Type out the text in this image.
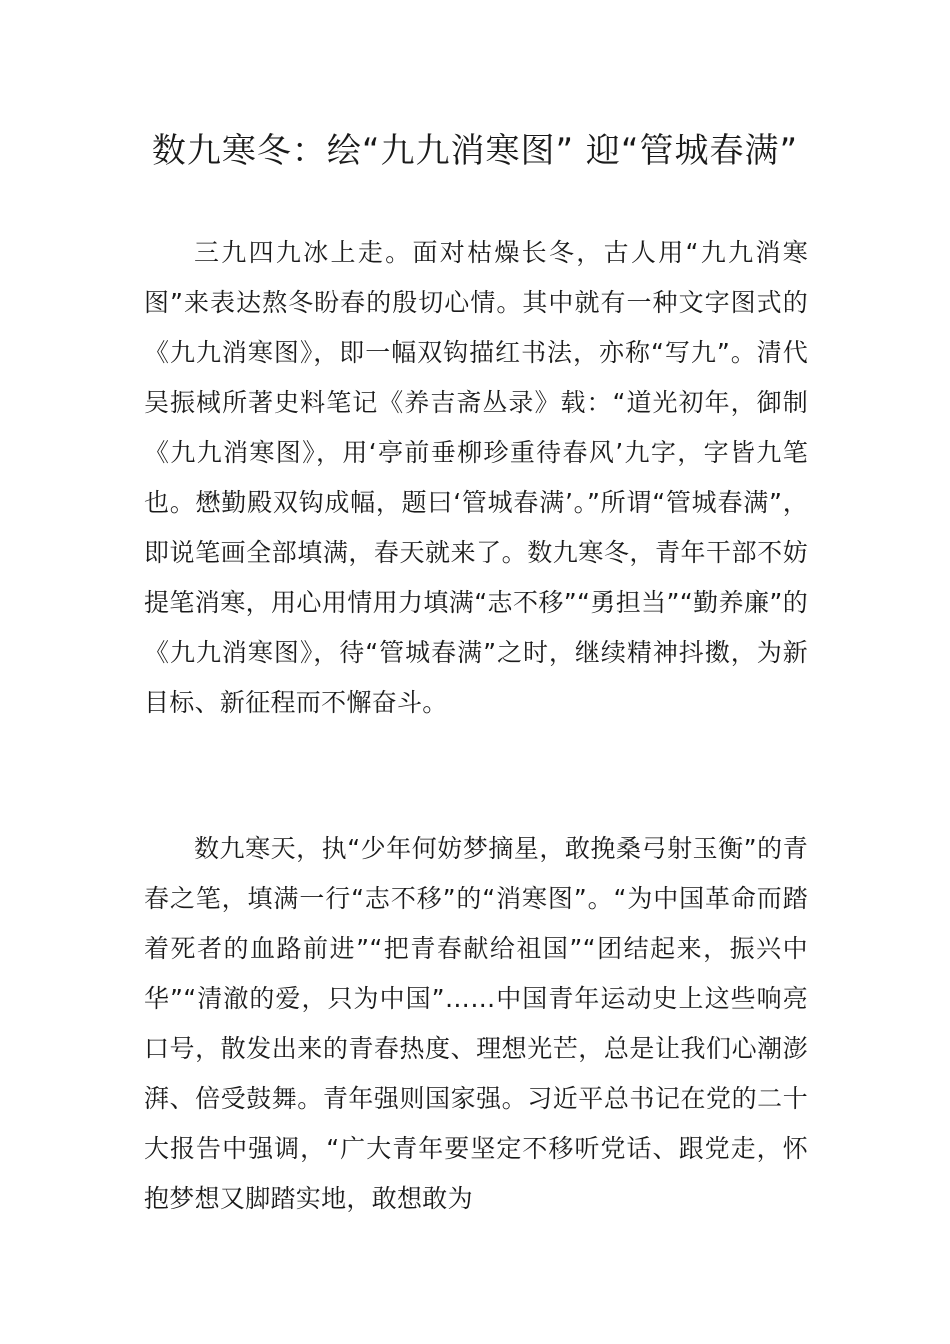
数九寒冬：绘“九九消寒图” 迎“管城春满”

三九四九冰上走。面对枯燥长冬，古人用“九九消寒图”来表达熬冬盼春的殷切心情。其中就有一种文字图式的《九九消寒图》，即一幅双钩描红书法，亦称“写九”。清代吴振棫所著史料笔记《养吉斋丛录》载：“道光初年，御制《九九消寒图》，用‘亭前垂柳珍重待春风’九字，字皆九笔也。懋勤殿双钩成幅，题曰‘管城春满’。”所谓“管城春满”，即说笔画全部填满，春天就来了。数九寒冬，青年干部不妨提笔消寒，用心用情用力填满“志不移”“勇担当”“勤养廉”的《九九消寒图》，待“管城春满”之时，继续精神抖擞，为新目标、新征程而不懈奋斗。

数九寒天，执“少年何妨梦摘星，敢挽桑弓射玉衡”的青春之笔，填满一行“志不移”的“消寒图”。“为中国革命而踏着死者的血路前进”“把青春献给祖国”“团结起来，振兴中华”“清澈的爱，只为中国”……中国青年运动史上这些响亮口号，散发出来的青春热度、理想光芒，总是让我们心潮澎湃、倍受鼓舞。青年强则国家强。习近平总书记在党的二十大报告中强调，“广大青年要坚定不移听党话、跟党走，怀抱梦想又脚踏实地，敢想敢为
